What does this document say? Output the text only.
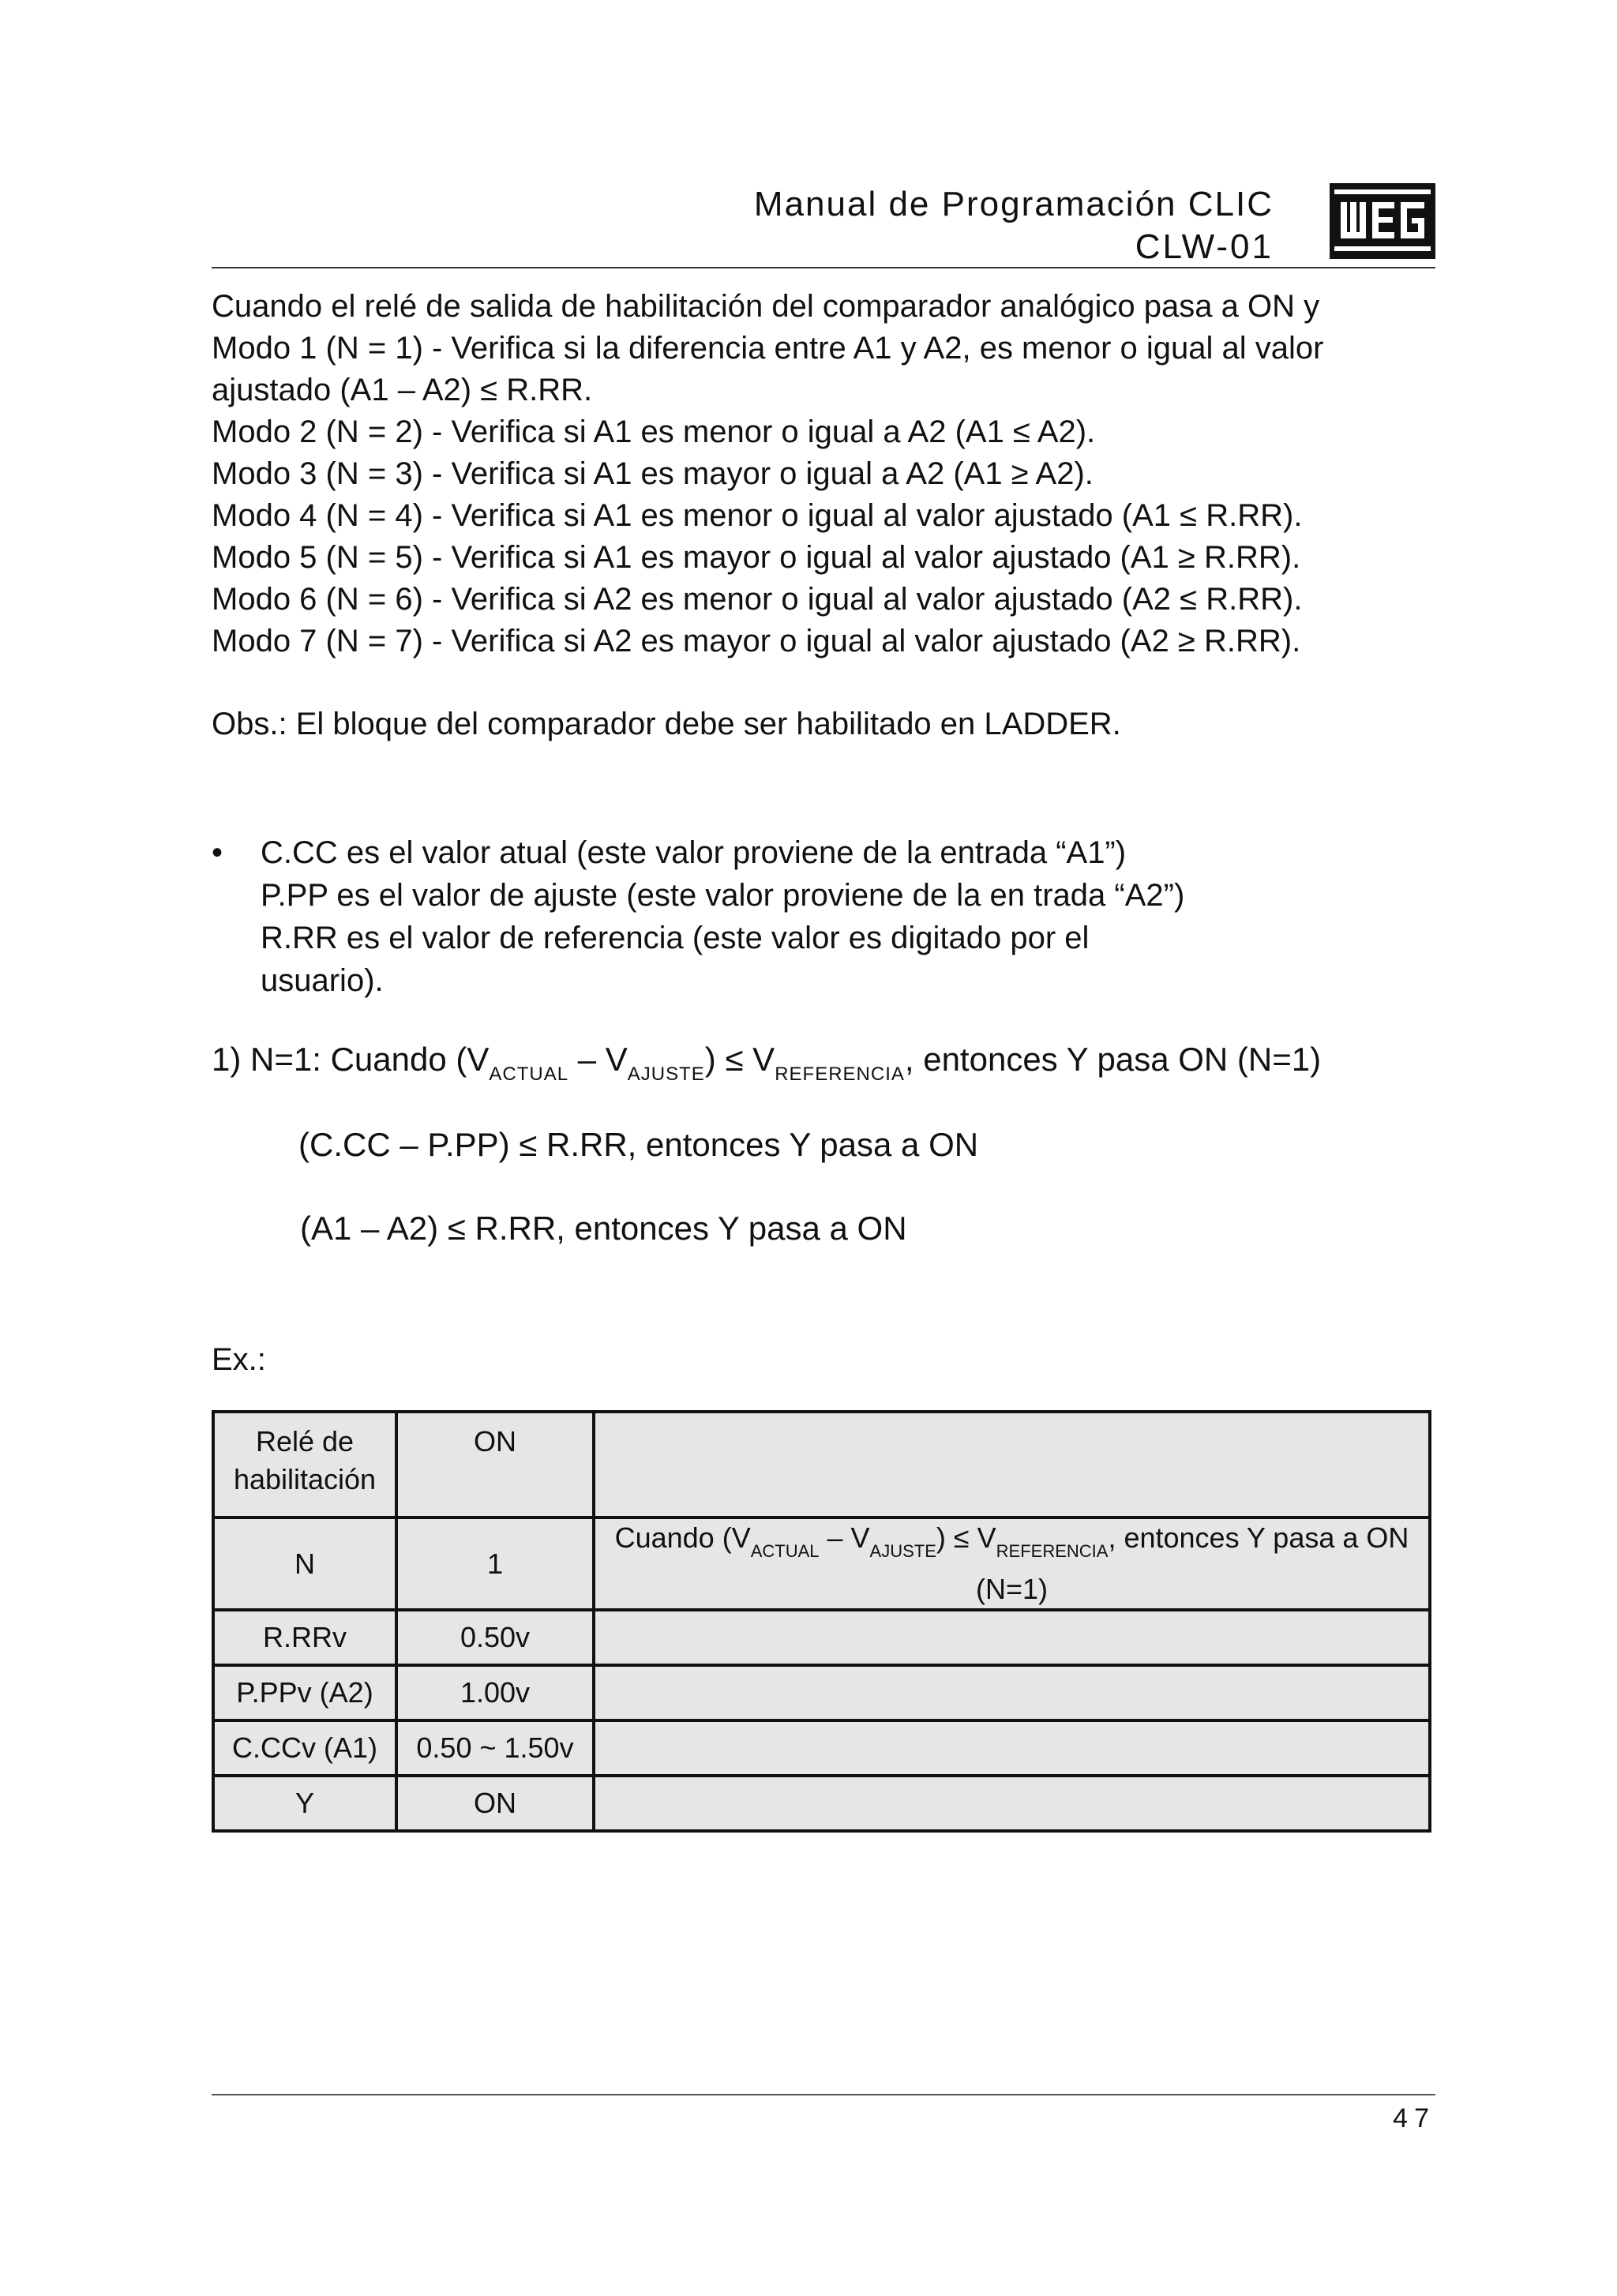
Manual de Programación CLIC
CLW-01
Cuando el relé de salida de habilitación del comparador analógico pasa a ON y
Modo 1 (N = 1) - Verifica si la diferencia entre A1 y A2, es menor o igual al valor
ajustado (A1 – A2) ≤ R.RR.
Modo 2 (N = 2) - Verifica si A1 es menor o igual a A2 (A1 ≤ A2).
Modo 3 (N = 3) - Verifica si A1 es mayor o igual a A2 (A1 ≥ A2).
Modo 4 (N = 4) - Verifica si A1 es menor o igual al valor ajustado (A1 ≤ R.RR).
Modo 5 (N = 5) - Verifica si A1 es mayor o igual al valor ajustado (A1 ≥ R.RR).
Modo 6 (N = 6) - Verifica si A2 es menor o igual al valor ajustado (A2 ≤ R.RR).
Modo 7 (N = 7) - Verifica si A2 es mayor o igual al valor ajustado (A2 ≥ R.RR).
Obs.: El bloque del comparador debe ser habilitado en LADDER.
•	C.CC es el valor atual (este valor proviene de la entrada “A1”)
P.PP es el valor de ajuste (este valor proviene de la en trada “A2”)
R.RR es el valor de referencia (este valor es digitado por el
usuario).
1) N=1: Cuando $(V_{ACTUAL} - V_{AJUSTE}) \le V_{REFERENCIA}$, entonces Y pasa ON (N=1)
(C.CC – P.PP) ≤ R.RR, entonces Y pasa a ON
(A1 – A2) ≤ R.RR, entonces Y pasa a ON
Ex.:
Relé de
habilitación	ON	
N	1	Cuando $(V_{ACTUAL} - V_{AJUSTE}) \le V_{REFERENCIA}$, entonces Y pasa a ON (N=1)
R.RRv	0.50v	
P.PPv (A2)	1.00v	
C.CCv (A1)	0.50 ~ 1.50v	
Y	ON	
47
